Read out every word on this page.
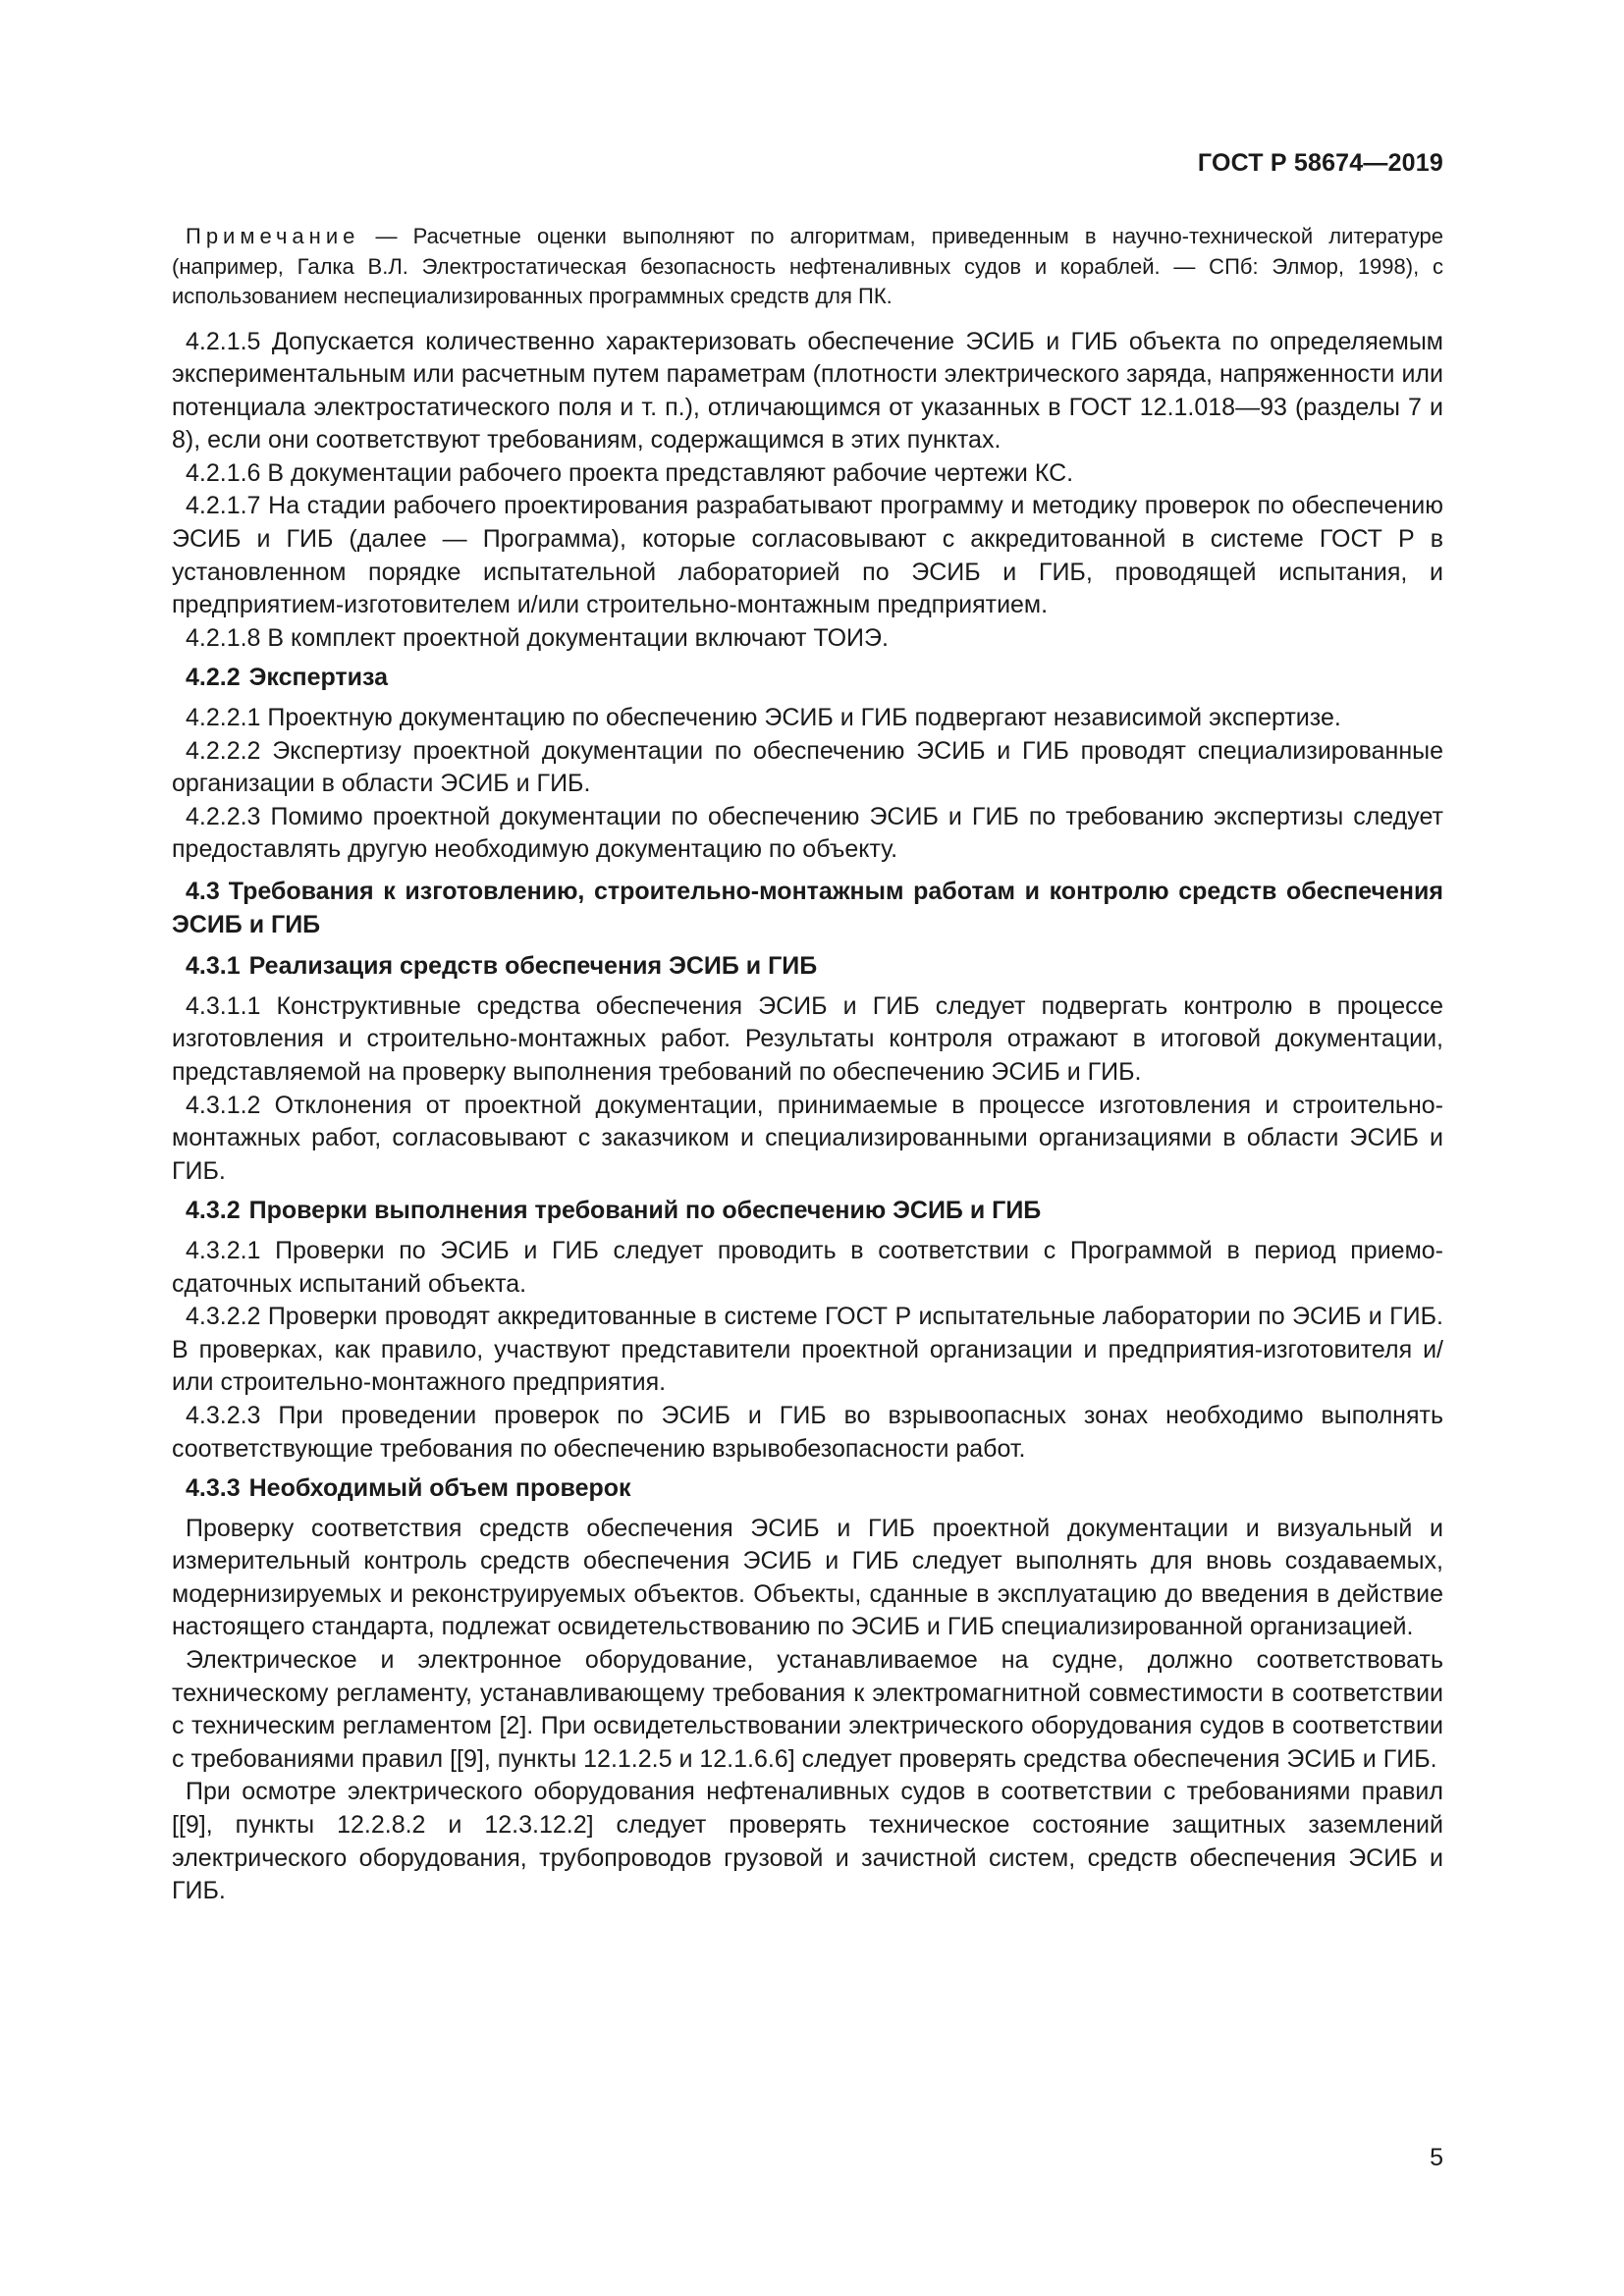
ГОСТ Р 58674—2019

Примечание — Расчетные оценки выполняют по алгоритмам, приведенным в научно-технической литературе (например, Галка В.Л. Электростатическая безопасность нефтеналивных судов и кораблей. — СПб: Элмор, 1998), с использованием неспециализированных программных средств для ПК.

4.2.1.5 Допускается количественно характеризовать обеспечение ЭСИБ и ГИБ объекта по определяемым экспериментальным или расчетным путем параметрам (плотности электрического заряда, напряженности или потенциала электростатического поля и т. п.), отличающимся от указанных в ГОСТ 12.1.018—93 (разделы 7 и 8), если они соответствуют требованиям, содержащимся в этих пунктах.

4.2.1.6 В документации рабочего проекта представляют рабочие чертежи КС.

4.2.1.7 На стадии рабочего проектирования разрабатывают программу и методику проверок по обеспечению ЭСИБ и ГИБ (далее — Программа), которые согласовывают с аккредитованной в системе ГОСТ Р в установленном порядке испытательной лабораторией по ЭСИБ и ГИБ, проводящей испытания, и предприятием-изготовителем и/или строительно-монтажным предприятием.

4.2.1.8 В комплект проектной документации включают ТОИЭ.

4.2.2 Экспертиза

4.2.2.1 Проектную документацию по обеспечению ЭСИБ и ГИБ подвергают независимой экспертизе.

4.2.2.2 Экспертизу проектной документации по обеспечению ЭСИБ и ГИБ проводят специализированные организации в области ЭСИБ и ГИБ.

4.2.2.3 Помимо проектной документации по обеспечению ЭСИБ и ГИБ по требованию экспертизы следует предоставлять другую необходимую документацию по объекту.

4.3 Требования к изготовлению, строительно-монтажным работам и контролю средств обеспечения ЭСИБ и ГИБ
4.3.1 Реализация средств обеспечения ЭСИБ и ГИБ

4.3.1.1 Конструктивные средства обеспечения ЭСИБ и ГИБ следует подвергать контролю в процессе изготовления и строительно-монтажных работ. Результаты контроля отражают в итоговой документации, представляемой на проверку выполнения требований по обеспечению ЭСИБ и ГИБ.

4.3.1.2 Отклонения от проектной документации, принимаемые в процессе изготовления и строительно-монтажных работ, согласовывают с заказчиком и специализированными организациями в области ЭСИБ и ГИБ.

4.3.2 Проверки выполнения требований по обеспечению ЭСИБ и ГИБ

4.3.2.1 Проверки по ЭСИБ и ГИБ следует проводить в соответствии с Программой в период приемо-сдаточных испытаний объекта.

4.3.2.2 Проверки проводят аккредитованные в системе ГОСТ Р испытательные лаборатории по ЭСИБ и ГИБ. В проверках, как правило, участвуют представители проектной организации и предприятия-изготовителя и/или строительно-монтажного предприятия.

4.3.2.3 При проведении проверок по ЭСИБ и ГИБ во взрывоопасных зонах необходимо выполнять соответствующие требования по обеспечению взрывобезопасности работ.

4.3.3 Необходимый объем проверок

Проверку соответствия средств обеспечения ЭСИБ и ГИБ проектной документации и визуальный и измерительный контроль средств обеспечения ЭСИБ и ГИБ следует выполнять для вновь создаваемых, модернизируемых и реконструируемых объектов. Объекты, сданные в эксплуатацию до введения в действие настоящего стандарта, подлежат освидетельствованию по ЭСИБ и ГИБ специализированной организацией.

Электрическое и электронное оборудование, устанавливаемое на судне, должно соответствовать техническому регламенту, устанавливающему требования к электромагнитной совместимости в соответствии с техническим регламентом [2]. При освидетельствовании электрического оборудования судов в соответствии с требованиями правил [[9], пункты 12.1.2.5 и 12.1.6.6] следует проверять средства обеспечения ЭСИБ и ГИБ.

При осмотре электрического оборудования нефтеналивных судов в соответствии с требованиями правил [[9], пункты 12.2.8.2 и 12.3.12.2] следует проверять техническое состояние защитных заземлений электрического оборудования, трубопроводов грузовой и зачистной систем, средств обеспечения ЭСИБ и ГИБ.

5
